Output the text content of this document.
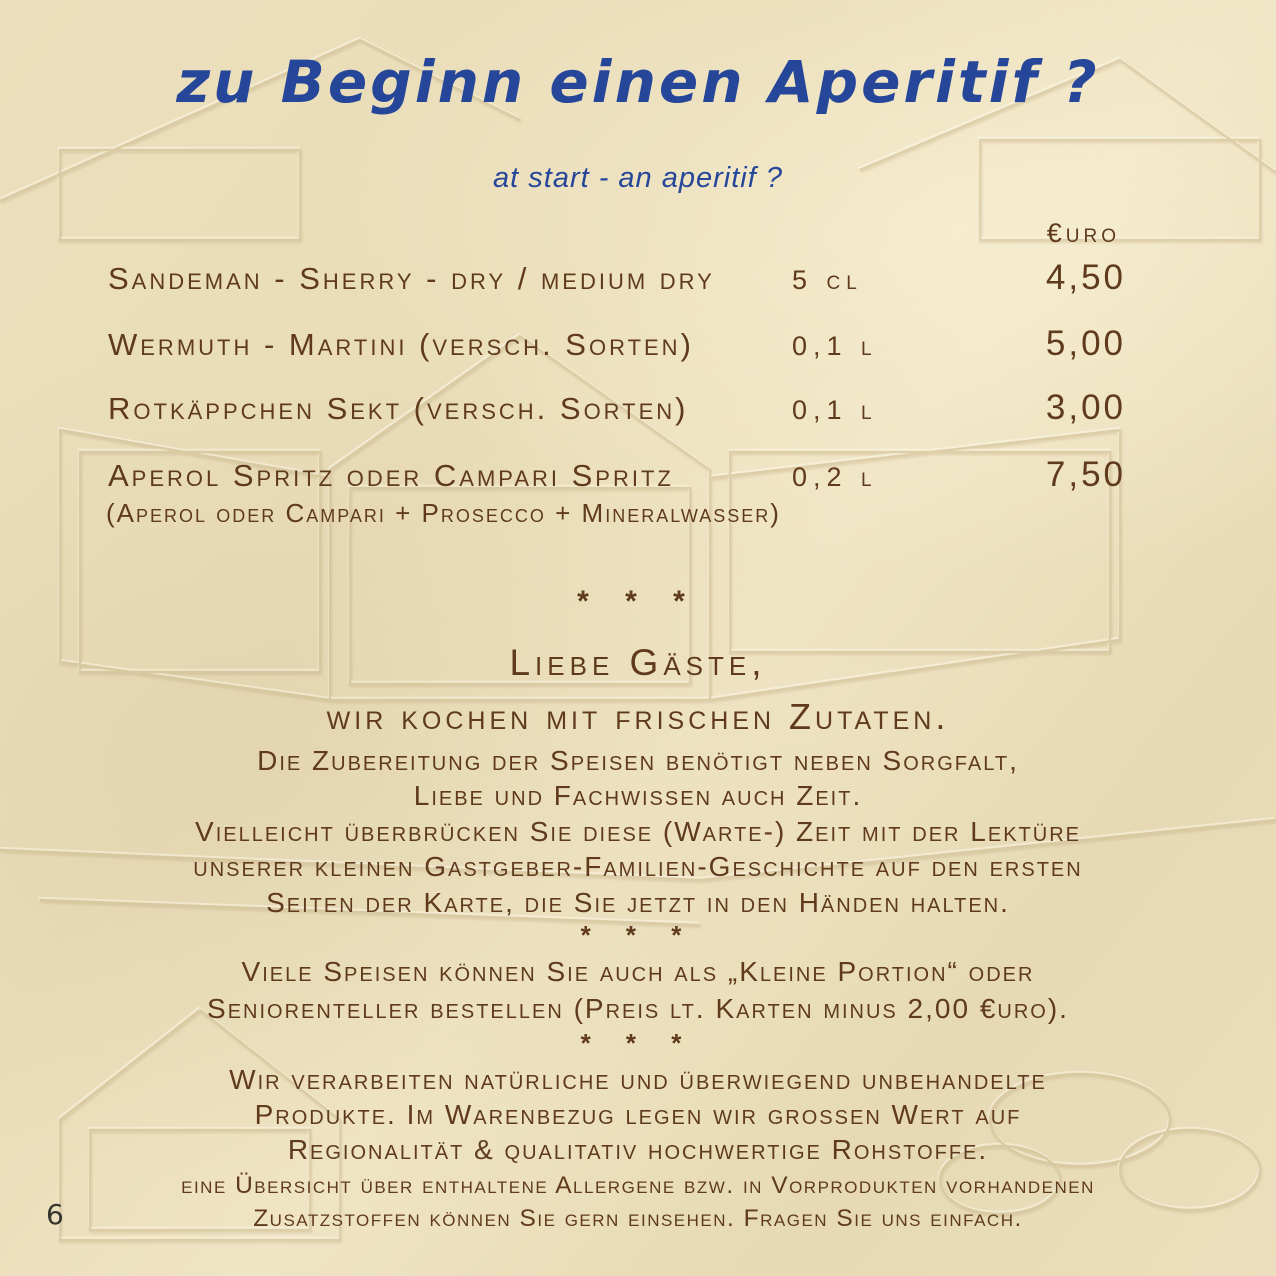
zu Beginn einen Aperitif ?
at start - an aperitif ?
€uro
Sandeman - Sherry - dry / medium dry	5 cl	4,50
Wermuth - Martini (versch. Sorten)	0,1 l	5,00
Rotkäppchen Sekt (versch. Sorten)	0,1 l	3,00
Aperol Spritz oder Campari Spritz	0,2 l	7,50
(Aperol oder Campari + Prosecco + Mineralwasser)
* * *
Liebe Gäste,
wir kochen mit frischen Zutaten.
Die Zubereitung der Speisen benötigt neben Sorgfalt,
Liebe und Fachwissen auch Zeit.
Vielleicht überbrücken Sie diese (Warte-) Zeit mit der Lektüre
unserer kleinen Gastgeber-Familien-Geschichte auf den ersten
Seiten der Karte, die Sie jetzt in den Händen halten.
* * *
Viele Speisen können Sie auch als „Kleine Portion“ oder
Seniorenteller bestellen (Preis lt. Karten minus 2,00 €uro).
* * *
Wir verarbeiten natürliche und überwiegend unbehandelte
Produkte. Im Warenbezug legen wir grossen Wert auf
Regionalität & qualitativ hochwertige Rohstoffe.
eine Übersicht über enthaltene Allergene bzw. in Vorprodukten vorhandenen
Zusatzstoffen können Sie gern einsehen. Fragen Sie uns einfach.
6
